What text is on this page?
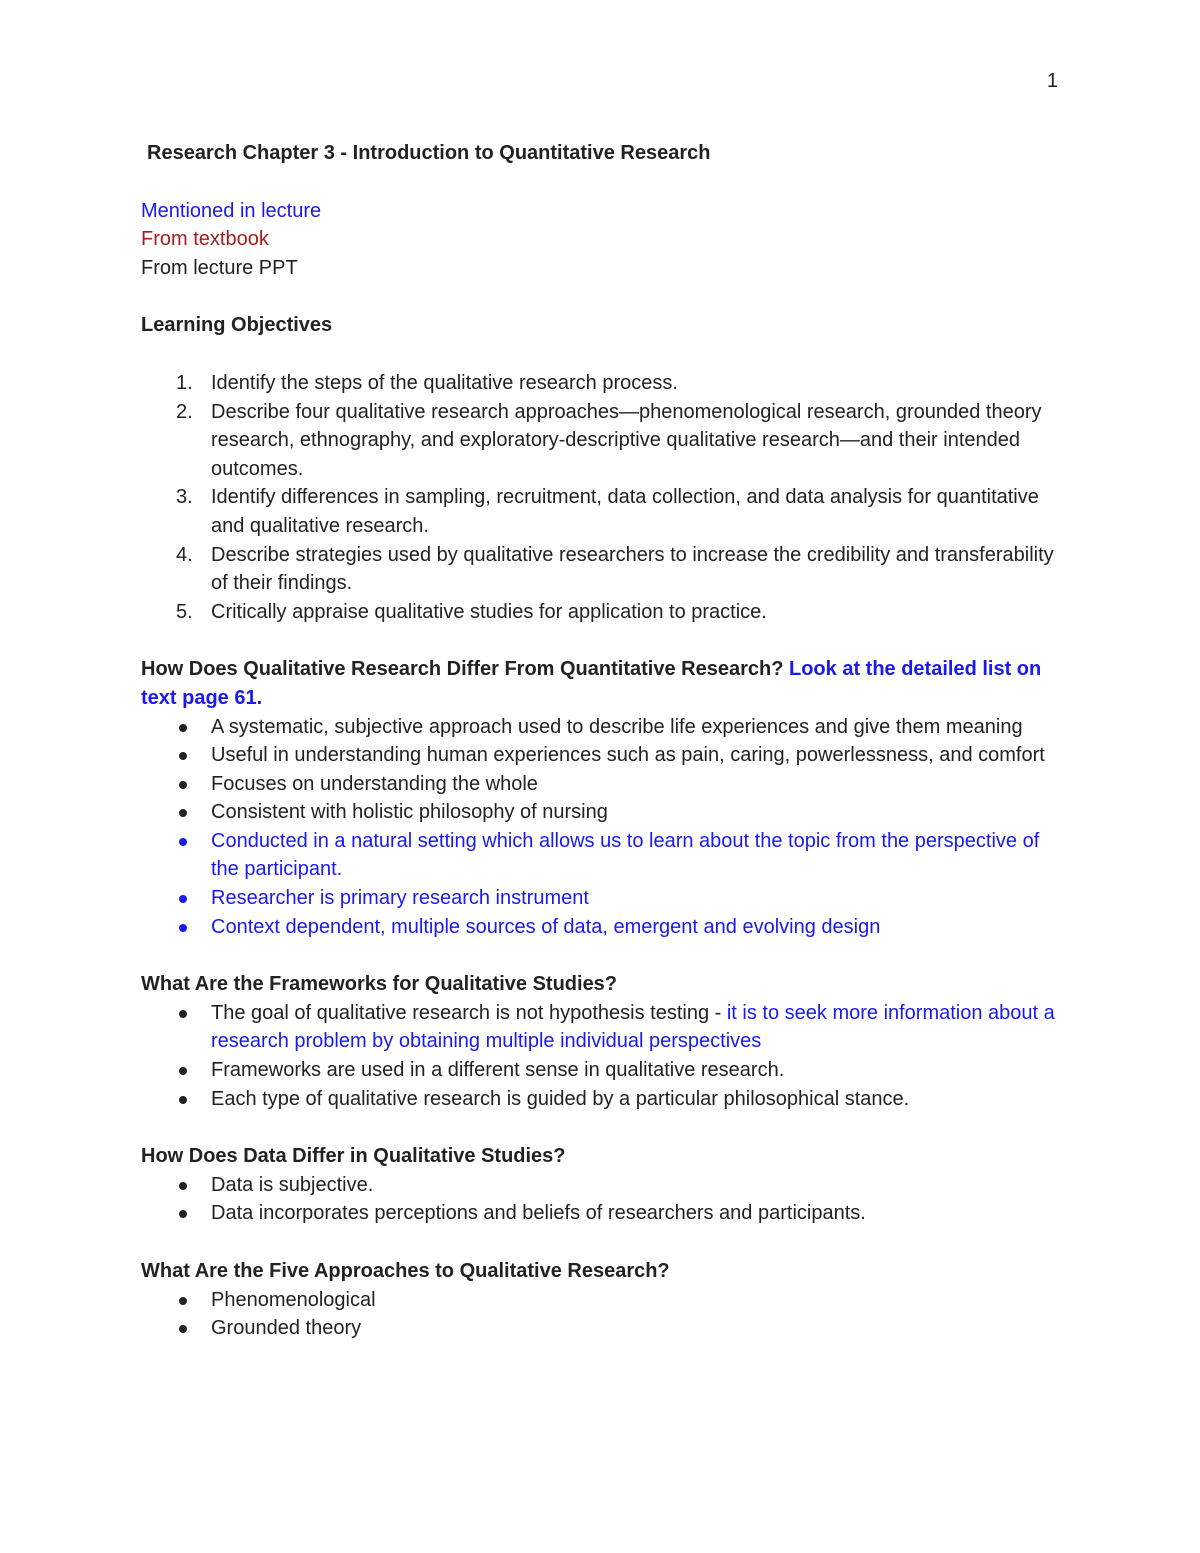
1
Research Chapter 3 - Introduction to Quantitative Research

Mentioned in lecture

From textbook

From lecture PPT

Learning Objectives
1. Identify the steps of the qualitative research process.
2. Describe four qualitative research approaches—phenomenological research, grounded theory research, ethnography, and exploratory-descriptive qualitative research—and their intended outcomes.
3. Identify differences in sampling, recruitment, data collection, and data analysis for quantitative and qualitative research.
4. Describe strategies used by qualitative researchers to increase the credibility and transferability of their findings.
5. Critically appraise qualitative studies for application to practice.
How Does Qualitative Research Differ From Quantitative Research? Look at the detailed list on text page 61.
A systematic, subjective approach used to describe life experiences and give them meaning
Useful in understanding human experiences such as pain, caring, powerlessness, and comfort
Focuses on understanding the whole
Consistent with holistic philosophy of nursing
Conducted in a natural setting which allows us to learn about the topic from the perspective of the participant.
Researcher is primary research instrument
Context dependent, multiple sources of data, emergent and evolving design
What Are the Frameworks for Qualitative Studies?
The goal of qualitative research is not hypothesis testing - it is to seek more information about a research problem by obtaining multiple individual perspectives
Frameworks are used in a different sense in qualitative research.
Each type of qualitative research is guided by a particular philosophical stance.
How Does Data Differ in Qualitative Studies?
Data is subjective.
Data incorporates perceptions and beliefs of researchers and participants.
What Are the Five Approaches to Qualitative Research?
Phenomenological
Grounded theory
